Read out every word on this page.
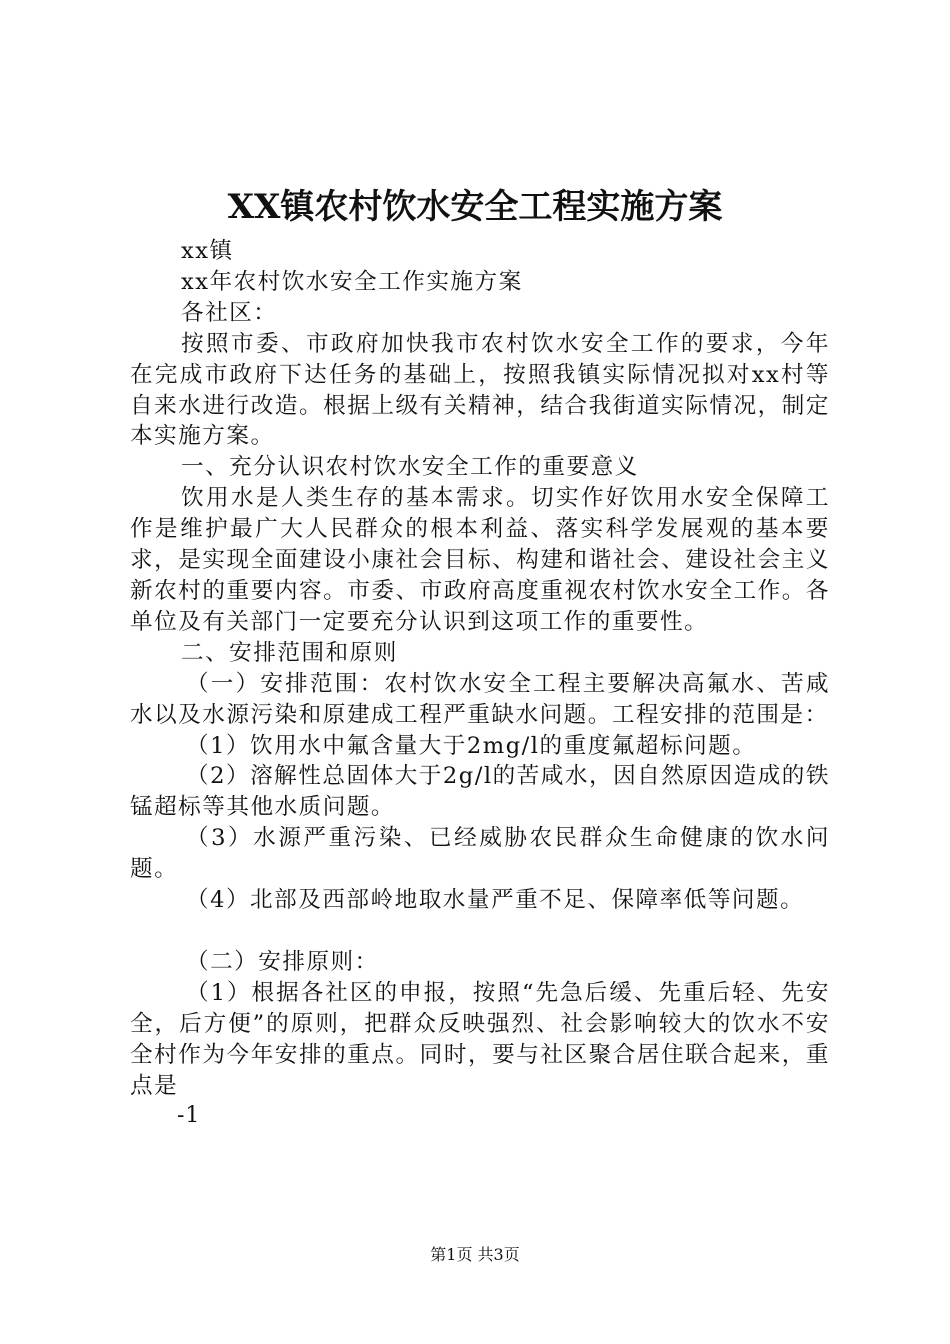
XX镇农村饮水安全工程实施方案

xx镇

xx年农村饮水安全工作实施方案

各社区：

按照市委、市政府加快我市农村饮水安全工作的要求，今年在完成市政府下达任务的基础上，按照我镇实际情况拟对xx村等自来水进行改造。根据上级有关精神，结合我街道实际情况，制定本实施方案。

一、充分认识农村饮水安全工作的重要意义

饮用水是人类生存的基本需求。切实作好饮用水安全保障工作是维护最广大人民群众的根本利益、落实科学发展观的基本要求，是实现全面建设小康社会目标、构建和谐社会、建设社会主义新农村的重要内容。市委、市政府高度重视农村饮水安全工作。各单位及有关部门一定要充分认识到这项工作的重要性。

二、安排范围和原则

（一）安排范围：农村饮水安全工程主要解决高氟水、苦咸水以及水源污染和原建成工程严重缺水问题。工程安排的范围是：

（1）饮用水中氟含量大于2mg/l的重度氟超标问题。

（2）溶解性总固体大于2g/l的苦咸水，因自然原因造成的铁锰超标等其他水质问题。

（3）水源严重污染、已经威胁农民群众生命健康的饮水问题。

（4）北部及西部岭地取水量严重不足、保障率低等问题。

（二）安排原则：

（1）根据各社区的申报，按照“先急后缓、先重后轻、先安全，后方便”的原则，把群众反映强烈、社会影响较大的饮水不安全村作为今年安排的重点。同时，要与社区聚合居住联合起来，重点是

-1
第1页 共3页
